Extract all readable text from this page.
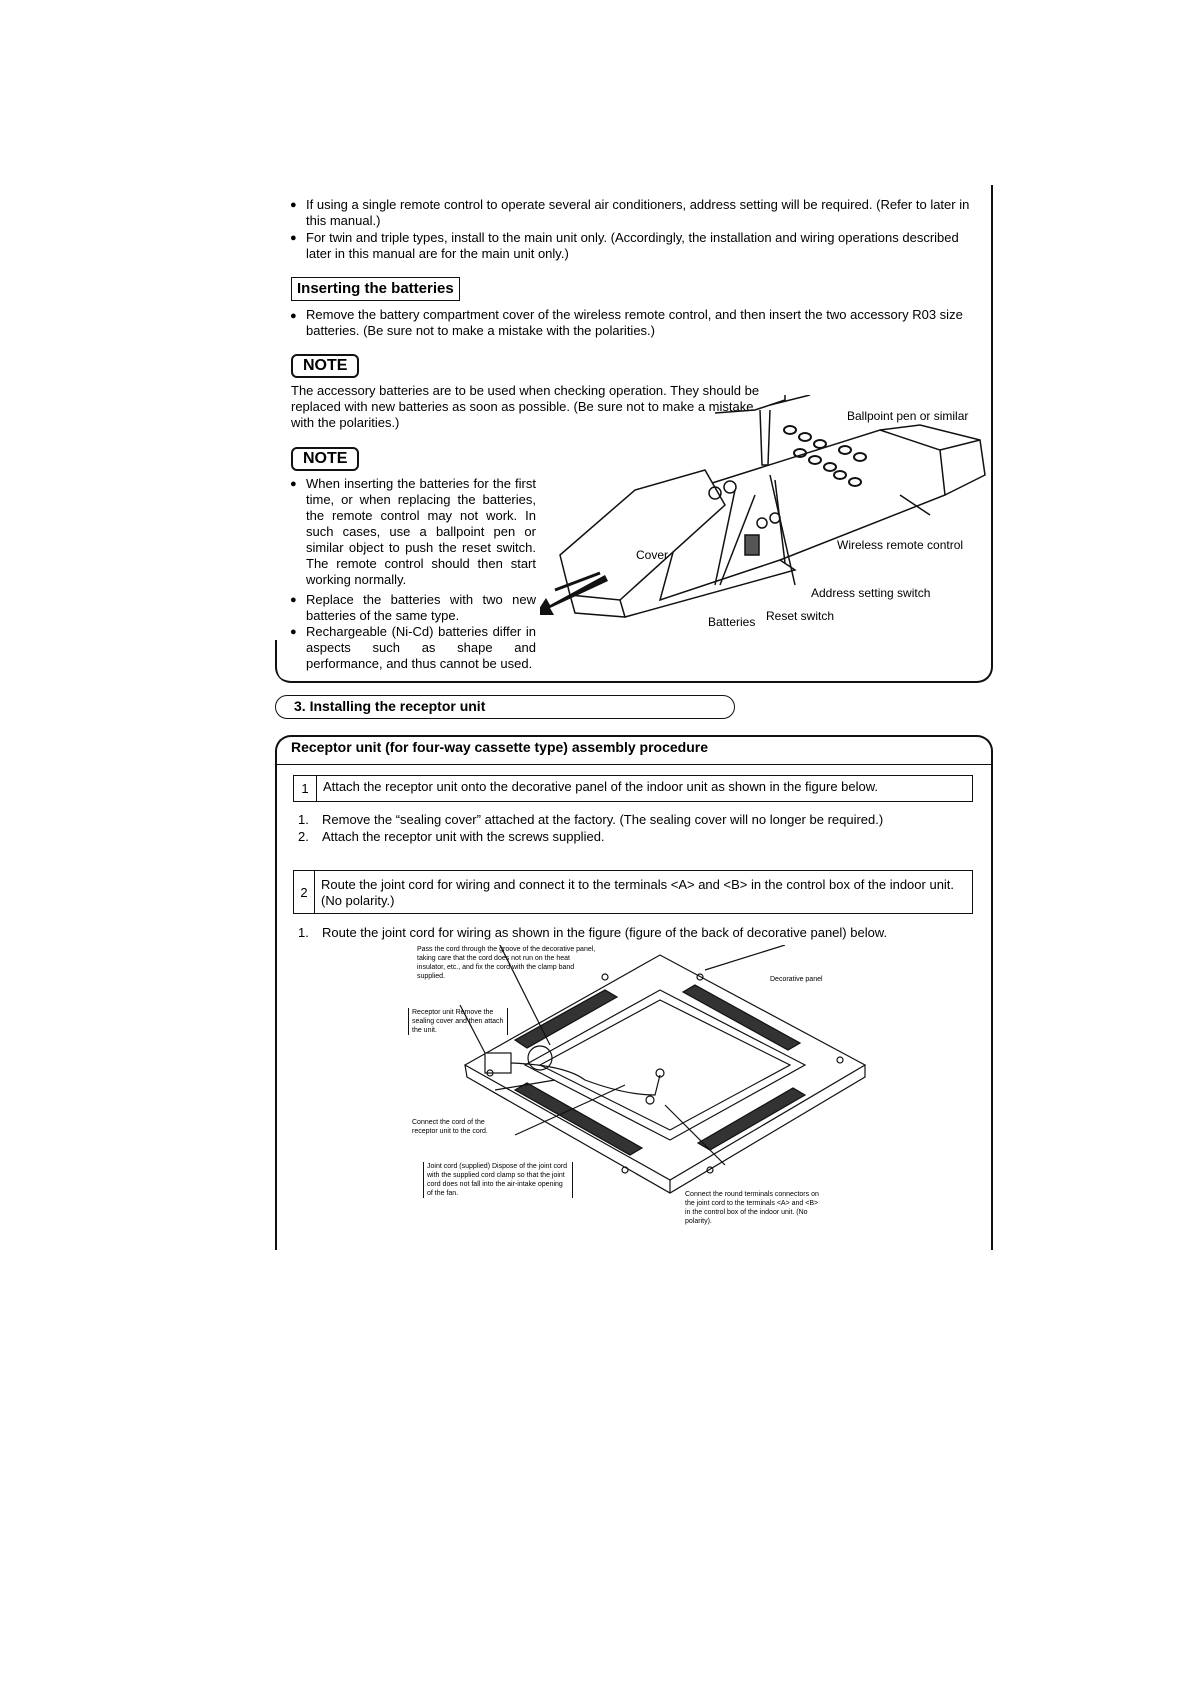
● If using a single remote control to operate several air conditioners, address setting will be required. (Refer to later in this manual.)
● For twin and triple types, install to the main unit only. (Accordingly, the installation and wiring operations described later in this manual are for the main unit only.)
Inserting the batteries
● Remove the battery compartment cover of the wireless remote control, and then insert the two accessory R03 size batteries. (Be sure not to make a mistake with the polarities.)
NOTE
The accessory batteries are to be used when checking operation. They should be replaced with new batteries as soon as possible. (Be sure not to make a mistake with the polarities.)
NOTE
● When inserting the batteries for the first time, or when replacing the batteries, the remote control may not work. In such cases, use a ballpoint pen or similar object to push the reset switch. The remote control should then start working normally.
● Replace the batteries with two new batteries of the same type.
● Rechargeable (Ni-Cd) batteries differ in aspects such as shape and performance, and thus cannot be used.
Ballpoint pen or similar
Wireless remote control
Cover
Address setting switch
Reset switch
Batteries
3. Installing the receptor unit
Receptor unit (for four-way cassette type) assembly procedure
1	Attach the receptor unit onto the decorative panel of the indoor unit as shown in the figure below.
1. Remove the “sealing cover” attached at the factory. (The sealing cover will no longer be required.)
2. Attach the receptor unit with the screws supplied.
2	Route the joint cord for wiring and connect it to the terminals <A> and <B> in the control box of the indoor unit. (No polarity.)
1. Route the joint cord for wiring as shown in the figure (figure of the back of decorative panel) below.
Pass the cord through the groove of the decorative panel, taking care that the cord does not run on the heat insulator, etc., and fix the cord with the clamp band supplied.	Decorative panel
Receptor unit Remove the sealing cover and then attach the unit.
Connect the cord of the receptor unit to the cord.
Joint cord (supplied) Dispose of the joint cord with the supplied cord clamp so that the joint cord does not fall into the air-intake opening of the fan.	Connect the round terminals connectors on the joint cord to the terminals <A> and <B> in the control box of the indoor unit. (No polarity).
